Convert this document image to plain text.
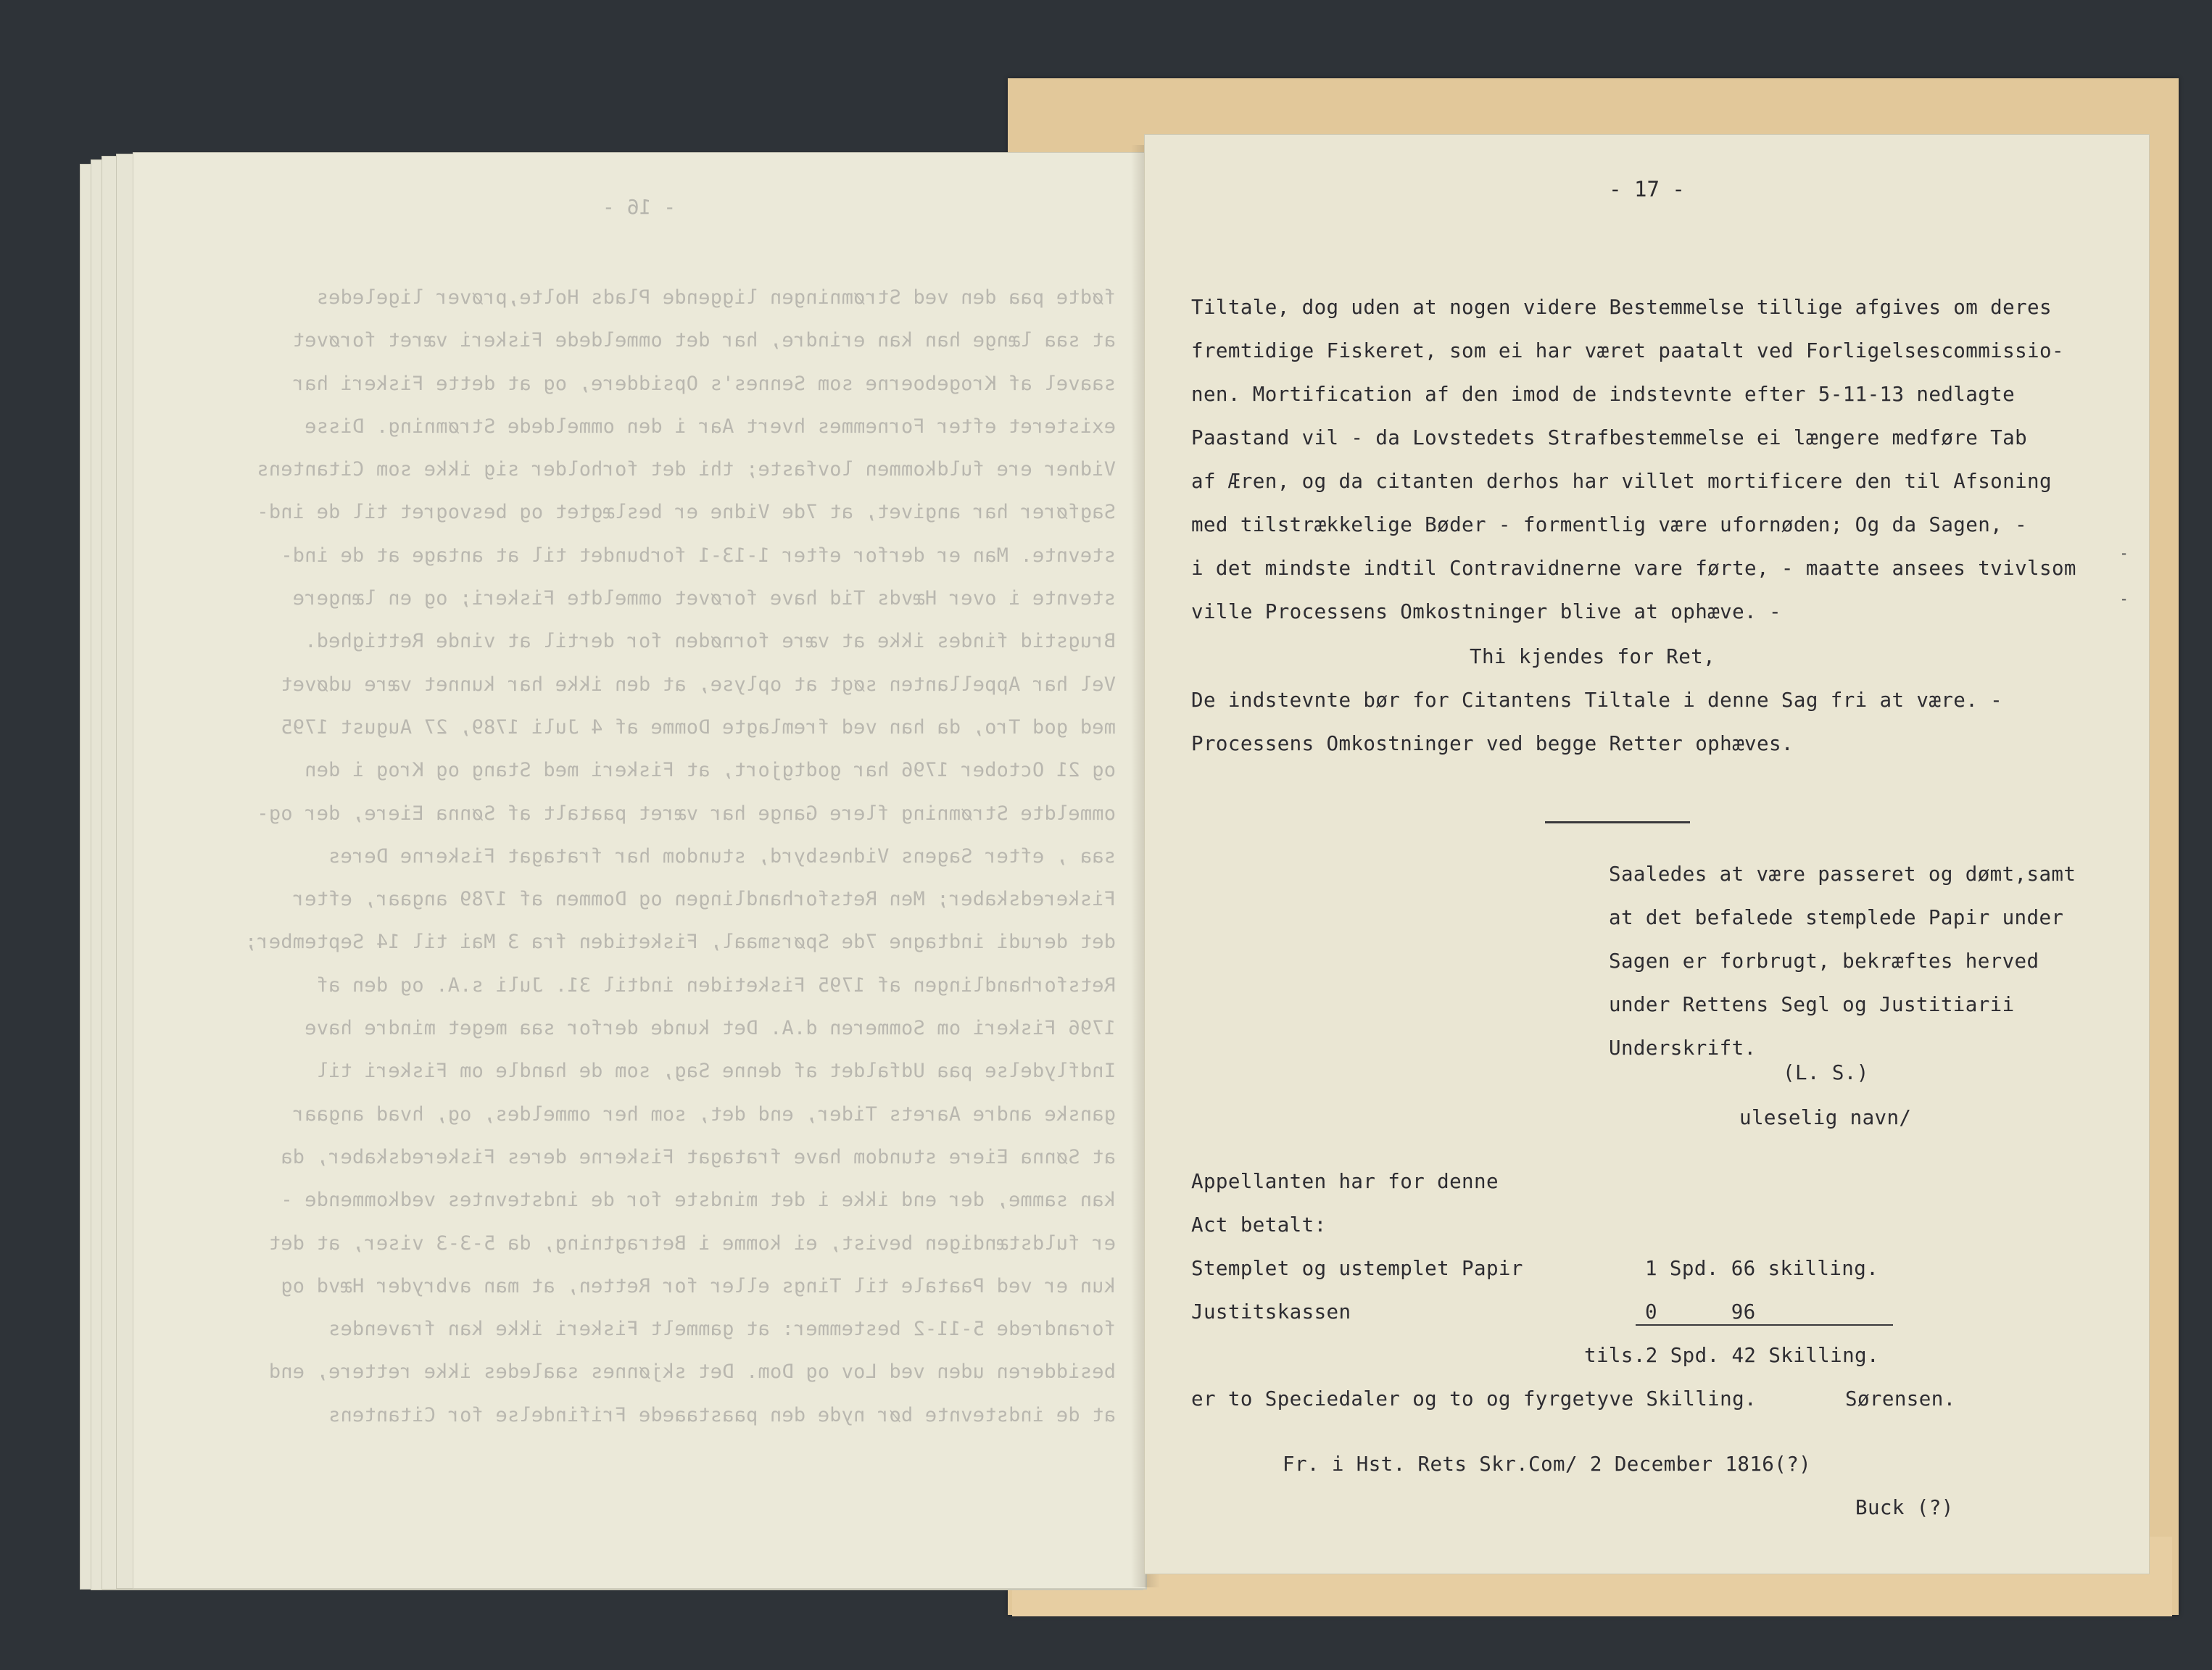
- 16 -
fødte paa den ved Strømningen liggende Plads Holte,prøver ligeledes
at saa længe han kan erindre, har det ommeldede Fiskeri været forøvet
saavel af Krogeboerne som Sennes's Opsiddere, og at dette Fiskeri har
existeret efter Fornemmes hvert Aar i den ommeldede Strømning. Disse
Vidner ere fuldkommen lovfaste; thi det forholder sig ikke som Citantens
Sagfører har angivet, at 7de Vidne er beslægtet og besvogret til de ind-
stevnte. Man er derfor efter 1-13-1 forbundet til at antage at de ind-
stevnte i over Hævds Tid have forøvet ommeldte Fiskeri; og en længere
Brugstid findes ikke at være fornøden for dertil at vinde Rettighed.
Vel har Appellanten søgt at oplyse, at den ikke har kunnet være udøvet
med god Tro, da han ved fremlagte Domme af 4 Juli 1789, 27 August 1795
og 21 October 1796 har godtgjort, at Fiskeri med Stang og Krog i den
ommeldte Strømning flere Gange har været paatalt af Sønna Eiere, der og-
saa , efter Sagens Vidnesbyrd, stundom har fratagat Fiskerne Deres
Fiskeredskaber; Men Retsforhandlingen og Dommen af 1789 angaar, efter
det derudi indtagne 7de Spørsmaal, Fisketiden fra 3 Mai til 14 September;
Retsforhandlingen af 1795 Fisketiden indtil 31. Juli s.A. og den af
1796 Fiskeri om Sommeren d.A. Det kunde derfor saa meget mindre have
Indflydelse paa Udfaldet af denne Sag, som de handle om Fiskeri til
ganske andre Aarets Tider, end det, som her ommeldes, og, hvad angaar
at Sønna Eiere stundom have fratagat Fiskerne deres Fiskeredskaber, da
kan samme, der end ikke i det mindste for de indstevntes vedkommende -
er fuldstændigen bevist, ei komme i Betragtning, da 5-3-3 viser, at det
kun er ved Paatale til Tings eller for Retten, at man avbryder Hævd og
forandrede 5-11-2 bestemmer: at gammelt Fiskeri ikke kan fravendes
besidderen uden ved Lov og Dom. Det skjønnes saaledes ikke rettere, end
at de indstevnte bør nyde den paastaaede Frifindelse for Citantens
- 17 -
Tiltale, dog uden at nogen videre Bestemmelse tillige afgives om deres
fremtidige Fiskeret, som ei har været paatalt ved Forligelsescommissio-
nen. Mortification af den imod de indstevnte efter 5-11-13 nedlagte
Paastand vil - da Lovstedets Strafbestemmelse ei længere medføre Tab
af Æren, og da citanten derhos har villet mortificere den til Afsoning
med tilstrækkelige Bøder - formentlig være ufornøden; Og da Sagen, -
i det mindste indtil Contravidnerne vare førte, - maatte ansees tvivlsom
ville Processens Omkostninger blive at ophæve. -
Thi kjendes for Ret,
De indstevnte bør for Citantens Tiltale i denne Sag fri at være. -
Processens Omkostninger ved begge Retter ophæves.
Saaledes at være passeret og dømt,samt
at det befalede stemplede Papir under
Sagen er forbrugt, bekræftes herved
under Rettens Segl og Justitiarii
Underskrift.
(L. S.)
uleselig navn/
Appellanten har for denne
Act betalt:
Stemplet og ustemplet Papir	1 Spd. 66 skilling.
Justitskassen	0      96
tils.2 Spd. 42 Skilling.
er to Speciedaler og to og fyrgetyve Skilling.	Sørensen.
Fr. i Hst. Rets Skr.Com/ 2 December 1816(?)
Buck (?)
⁃
⁃
